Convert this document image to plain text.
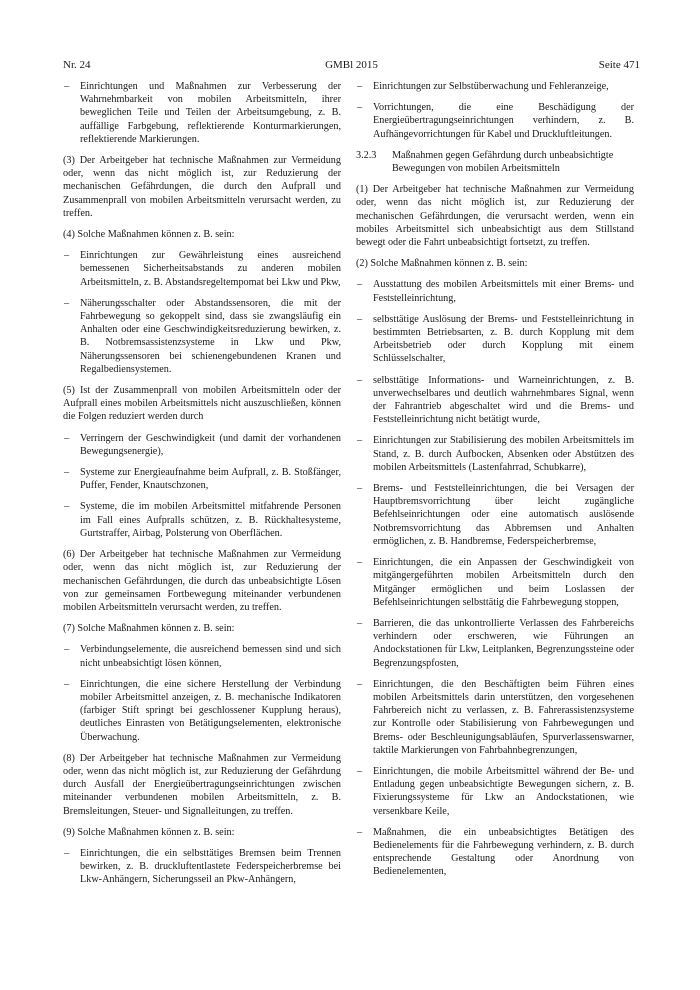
Nr. 24	GMBl 2015	Seite 471
– Einrichtungen und Maßnahmen zur Verbesserung der Wahrnehmbarkeit von mobilen Arbeitsmitteln, ihrer beweglichen Teile und Teilen der Arbeitsumgebung, z. B. auffällige Farbgebung, reflektierende Konturmarkierungen, reflektierende Markierungen.
(3) Der Arbeitgeber hat technische Maßnahmen zur Vermeidung oder, wenn das nicht möglich ist, zur Reduzierung der mechanischen Gefährdungen, die durch den Aufprall und Zusammenprall von mobilen Arbeitsmitteln verursacht werden, zu treffen.
(4) Solche Maßnahmen können z. B. sein:
– Einrichtungen zur Gewährleistung eines ausreichend bemessenen Sicherheitsabstands zu anderen mobilen Arbeitsmitteln, z. B. Abstandsregeltempomat bei Lkw und Pkw,
– Näherungsschalter oder Abstandssensoren, die mit der Fahrbewegung so gekoppelt sind, dass sie zwangsläufig ein Anhalten oder eine Geschwindigkeitsreduzierung bewirken, z. B. Notbremsassistenzsysteme in Lkw und Pkw, Näherungssensoren bei schienengebundenen Kranen und Regalbediensystemen.
(5) Ist der Zusammenprall von mobilen Arbeitsmitteln oder der Aufprall eines mobilen Arbeitsmittels nicht auszuschließen, können die Folgen reduziert werden durch
– Verringern der Geschwindigkeit (und damit der vorhandenen Bewegungsenergie),
– Systeme zur Energieaufnahme beim Aufprall, z. B. Stoßfänger, Puffer, Fender, Knautschzonen,
– Systeme, die im mobilen Arbeitsmittel mitfahrende Personen im Fall eines Aufpralls schützen, z. B. Rückhaltesysteme, Gurtstraffer, Airbag, Polsterung von Oberflächen.
(6) Der Arbeitgeber hat technische Maßnahmen zur Vermeidung oder, wenn das nicht möglich ist, zur Reduzierung der mechanischen Gefährdungen, die durch das unbeabsichtigte Lösen von zur gemeinsamen Fortbewegung miteinander verbundenen mobilen Arbeitsmitteln verursacht werden, zu treffen.
(7) Solche Maßnahmen können z. B. sein:
– Verbindungselemente, die ausreichend bemessen sind und sich nicht unbeabsichtigt lösen können,
– Einrichtungen, die eine sichere Herstellung der Verbindung mobiler Arbeitsmittel anzeigen, z. B. mechanische Indikatoren (farbiger Stift springt bei geschlossener Kupplung heraus), deutliches Einrasten von Betätigungselementen, elektronische Überwachung.
(8) Der Arbeitgeber hat technische Maßnahmen zur Vermeidung oder, wenn das nicht möglich ist, zur Reduzierung der Gefährdung durch Ausfall der Energieübertragungseinrichtungen zwischen miteinander verbundenen mobilen Arbeitsmitteln, z. B. Bremsleitungen, Steuer- und Signalleitungen, zu treffen.
(9) Solche Maßnahmen können z. B. sein:
– Einrichtungen, die ein selbsttätiges Bremsen beim Trennen bewirken, z. B. druckluftentlastete Federspeicherbremse bei Lkw-Anhängern, Sicherungsseil an Pkw-Anhängern,
– Einrichtungen zur Selbstüberwachung und Fehleranzeige,
– Vorrichtungen, die eine Beschädigung der Energieübertragungseinrichtungen verhindern, z. B. Aufhängevorrichtungen für Kabel und Druckluftleitungen.
3.2.3 Maßnahmen gegen Gefährdung durch unbeabsichtigte Bewegungen von mobilen Arbeitsmitteln
(1) Der Arbeitgeber hat technische Maßnahmen zur Vermeidung oder, wenn das nicht möglich ist, zur Reduzierung der mechanischen Gefährdungen, die verursacht werden, wenn ein mobiles Arbeitsmittel sich unbeabsichtigt aus dem Stillstand bewegt oder die Fahrt unbeabsichtigt fortsetzt, zu treffen.
(2) Solche Maßnahmen können z. B. sein:
– Ausstattung des mobilen Arbeitsmittels mit einer Brems- und Feststelleinrichtung,
– selbsttätige Auslösung der Brems- und Feststelleinrichtung in bestimmten Betriebsarten, z. B. durch Kopplung mit dem Arbeitsbetrieb oder durch Kopplung mit einem Schlüsselschalter,
– selbsttätige Informations- und Warneinrichtungen, z. B. unverwechselbares und deutlich wahrnehmbares Signal, wenn der Fahrantrieb abgeschaltet wird und die Brems- und Feststelleinrichtung nicht betätigt wurde,
– Einrichtungen zur Stabilisierung des mobilen Arbeitsmittels im Stand, z. B. durch Aufbocken, Absenken oder Abstützen des mobilen Arbeitsmittels (Lastenfahrrad, Schubkarre),
– Brems- und Feststelleinrichtungen, die bei Versagen der Hauptbremsvorrichtung über leicht zugängliche Befehlseinrichtungen oder eine automatisch auslösende Notbremsvorrichtung das Abbremsen und Anhalten ermöglichen, z. B. Handbremse, Federspeicherbremse,
– Einrichtungen, die ein Anpassen der Geschwindigkeit von mitgängergeführten mobilen Arbeitsmitteln durch den Mitgänger ermöglichen und beim Loslassen der Befehlseinrichtungen selbsttätig die Fahrbewegung stoppen,
– Barrieren, die das unkontrollierte Verlassen des Fahrbereichs verhindern oder erschweren, wie Führungen an Andockstationen für Lkw, Leitplanken, Begrenzungssteine oder Begrenzungspfosten,
– Einrichtungen, die den Beschäftigten beim Führen eines mobilen Arbeitsmittels darin unterstützen, den vorgesehenen Fahrbereich nicht zu verlassen, z. B. Fahrerassistenzsysteme zur Kontrolle oder Stabilisierung von Fahrbewegungen und Brems- oder Beschleunigungsabläufen, Spurverlassenswarner, taktile Markierungen von Fahrbahnbegrenzungen,
– Einrichtungen, die mobile Arbeitsmittel während der Be- und Entladung gegen unbeabsichtigte Bewegungen sichern, z. B. Fixierungssysteme für Lkw an Andockstationen, wie versenkbare Keile,
– Maßnahmen, die ein unbeabsichtigtes Betätigen des Bedienelements für die Fahrbewegung verhindern, z. B. durch entsprechende Gestaltung oder Anordnung von Bedienelementen,
